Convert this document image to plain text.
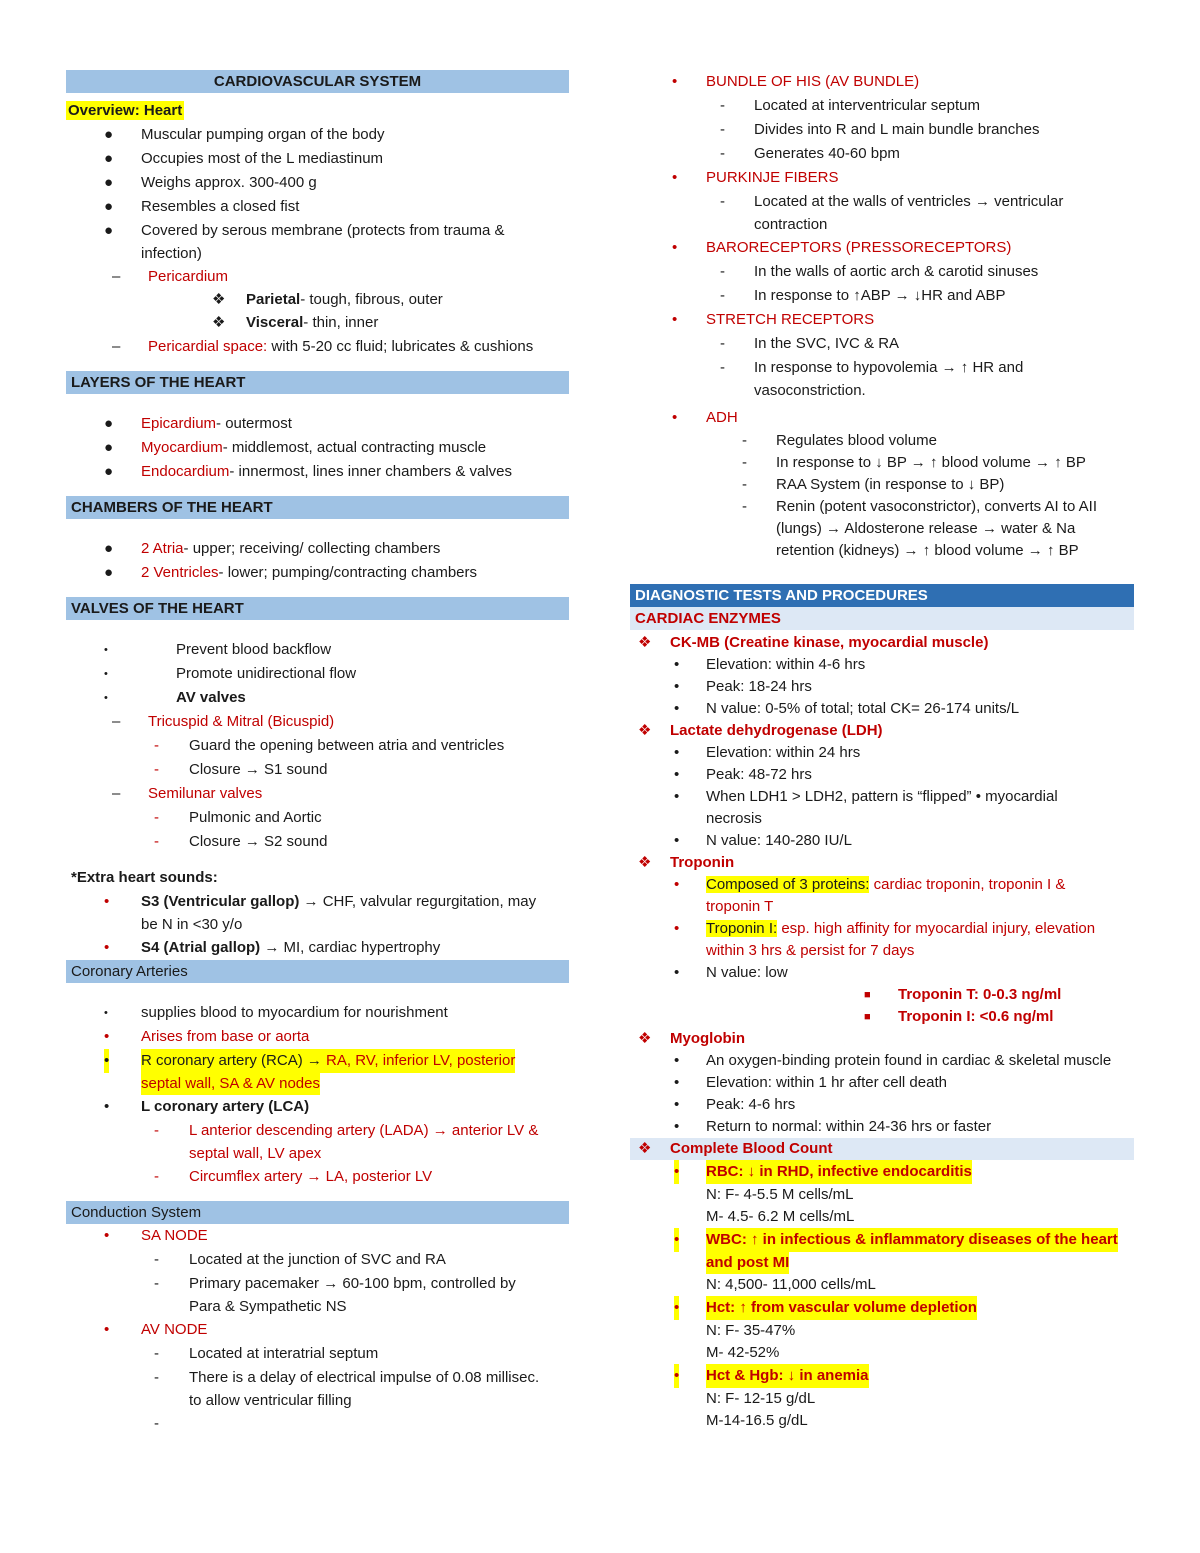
CARDIOVASCULAR SYSTEM
Overview: Heart
● Muscular pumping organ of the body
● Occupies most of the L mediastinum
● Weighs approx. 300-400 g
● Resembles a closed fist
● Covered by serous membrane (protects from trauma &
infection)
– Pericardium
❖ Parietal- tough, fibrous, outer
❖ Visceral- thin, inner
– Pericardial space: with 5-20 cc fluid; lubricates & cushions
LAYERS OF THE HEART
● Epicardium- outermost
● Myocardium- middlemost, actual contracting muscle
● Endocardium- innermost, lines inner chambers & valves
CHAMBERS OF THE HEART
● 2 Atria- upper; receiving/ collecting chambers
● 2 Ventricles- lower; pumping/contracting chambers
VALVES OF THE HEART
•	Prevent blood backflow
•	Promote unidirectional flow
•	AV valves
– Tricuspid & Mitral (Bicuspid)
- Guard the opening between atria and ventricles
- Closure → S1 sound
– Semilunar valves
- Pulmonic and Aortic
- Closure → S2 sound
*Extra heart sounds:
• S3 (Ventricular gallop) → CHF, valvular regurgitation, may
be N in <30 y/o
• S4 (Atrial gallop) → MI, cardiac hypertrophy
Coronary Arteries
• supplies blood to myocardium for nourishment
• Arises from base or aorta
• R coronary artery (RCA) → RA, RV, inferior LV, posterior
septal wall, SA & AV nodes
• L coronary artery (LCA)
- L anterior descending artery (LADA) → anterior LV &
septal wall, LV apex
- Circumflex artery → LA, posterior LV
Conduction System
• SA NODE
- Located at the junction of SVC and RA
- Primary pacemaker → 60-100 bpm, controlled by
Para & Sympathetic NS
• AV NODE
- Located at interatrial septum
- There is a delay of electrical impulse of 0.08 millisec.
to allow ventricular filling
-
• BUNDLE OF HIS (AV BUNDLE)
- Located at interventricular septum
- Divides into R and L main bundle branches
- Generates 40-60 bpm
• PURKINJE FIBERS
- Located at the walls of ventricles → ventricular
contraction
• BARORECEPTORS (PRESSORECEPTORS)
- In the walls of aortic arch & carotid sinuses
- In response to ↑ABP → ↓HR and ABP
• STRETCH RECEPTORS
- In the SVC, IVC & RA
- In response to hypovolemia → ↑ HR and
vasoconstriction.
• ADH
- Regulates blood volume
- In response to ↓ BP → ↑ blood volume → ↑ BP
- RAA System (in response to ↓ BP)
- Renin (potent vasoconstrictor), converts AI to AII
(lungs) → Aldosterone release → water & Na
retention (kidneys) → ↑ blood volume → ↑ BP
DIAGNOSTIC TESTS AND PROCEDURES
CARDIAC ENZYMES
❖ CK-MB (Creatine kinase, myocardial muscle)
• Elevation: within 4-6 hrs
• Peak: 18-24 hrs
• N value: 0-5% of total; total CK= 26-174 units/L
❖ Lactate dehydrogenase (LDH)
• Elevation: within 24 hrs
• Peak: 48-72 hrs
• When LDH1 > LDH2, pattern is “flipped” • myocardial
necrosis
• N value: 140-280 IU/L
❖ Troponin
• Composed of 3 proteins: cardiac troponin, troponin I &
troponin T
• Troponin I: esp. high affinity for myocardial injury, elevation
within 3 hrs & persist for 7 days
• N value: low
■ Troponin T: 0-0.3 ng/ml
■ Troponin I: <0.6 ng/ml
❖ Myoglobin
• An oxygen-binding protein found in cardiac & skeletal muscle
• Elevation: within 1 hr after cell death
• Peak: 4-6 hrs
• Return to normal: within 24-36 hrs or faster
❖ Complete Blood Count
• RBC: ↓ in RHD, infective endocarditis
N: F- 4-5.5 M cells/mL
M- 4.5- 6.2 M cells/mL
• WBC: ↑ in infectious & inflammatory diseases of the heart
and post MI
N: 4,500- 11,000 cells/mL
• Hct: ↑ from vascular volume depletion
N: F- 35-47%
M- 42-52%
• Hct & Hgb: ↓ in anemia
N: F- 12-15 g/dL
M-14-16.5 g/dL
